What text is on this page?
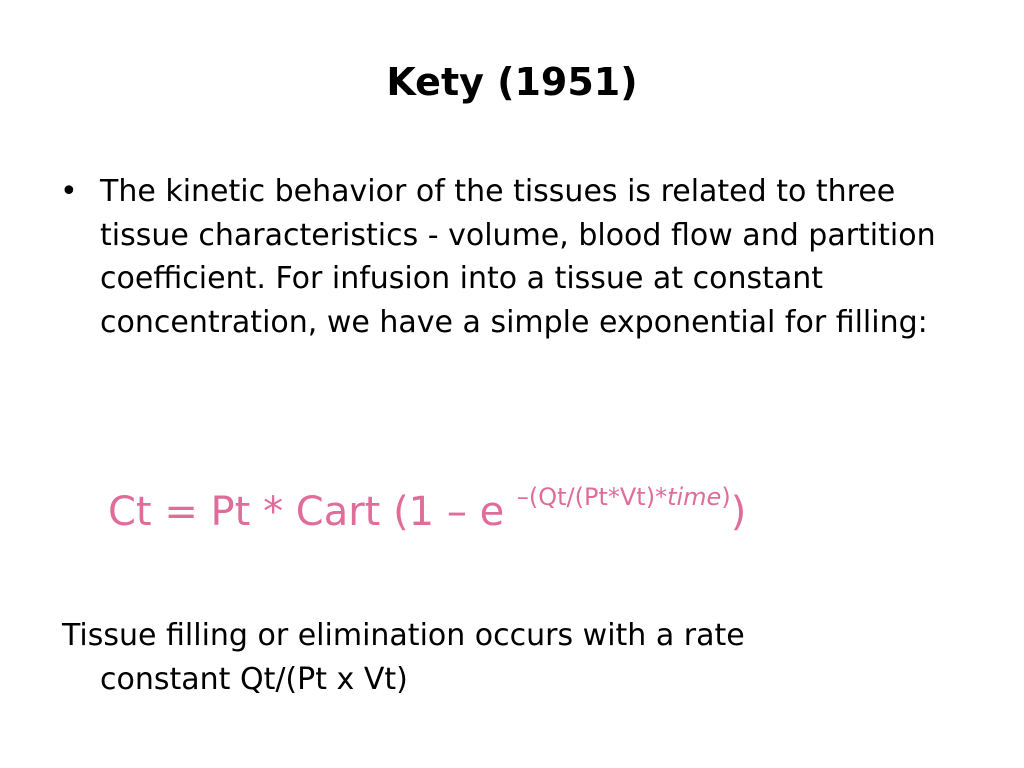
Kety (1951)
• The kinetic behavior of the tissues is related to three tissue characteristics - volume, blood flow and partition coefficient. For infusion into a tissue at constant concentration, we have a simple exponential for filling:
Ct = Pt * Cart (1 – e $^{-(Qt/(Pt*Vt)*time)}$)
Tissue filling or elimination occurs with a rate
constant Qt/(Pt x Vt)
